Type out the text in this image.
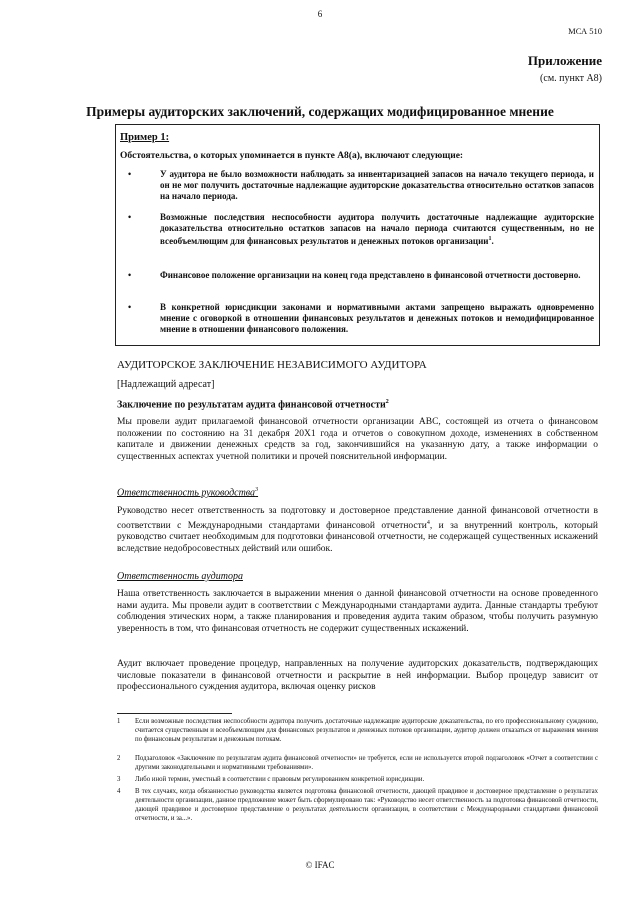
6
МСА 510
Приложение
(см. пункт А8)
Примеры аудиторских заключений, содержащих модифицированное мнение
Пример 1:
Обстоятельства, о которых упоминается в пункте А8(а), включают следующие:
•	У аудитора не было возможности наблюдать за инвентаризацией запасов на начало текущего периода, и он не мог получить достаточные надлежащие аудиторские доказательства относительно остатков запасов на начало периода.
•	Возможные последствия неспособности аудитора получить достаточные надлежащие аудиторские доказательства относительно остатков запасов на начало периода считаются существенным, но не всеобъемлющим для финансовых результатов и денежных потоков организации$^1$.
•	Финансовое положение организации на конец года представлено в финансовой отчетности достоверно.
•	В конкретной юрисдикции законами и нормативными актами запрещено выражать одновременно мнение с оговоркой в отношении финансовых результатов и денежных потоков и немодифицированное мнение в отношении финансового положения.
АУДИТОРСКОЕ ЗАКЛЮЧЕНИЕ НЕЗАВИСИМОГО АУДИТОРА
[Надлежащий адресат]
Заключение по результатам аудита финансовой отчетности$^2$
Мы провели аудит прилагаемой финансовой отчетности организации АВС, состоящей из отчета о финансовом положении по состоянию на 31 декабря 20Х1 года и отчетов о совокупном доходе, изменениях в собственном капитале и движении денежных средств за год, закончившийся на указанную дату, а также информации о существенных аспектах учетной политики и прочей пояснительной информации.
Ответственность руководства$^3$
Руководство несет ответственность за подготовку и достоверное представление данной финансовой отчетности в соответствии с Международными стандартами финансовой отчетности$^4$, и за внутренний контроль, который руководство считает необходимым для подготовки финансовой отчетности, не содержащей существенных искажений вследствие недобросовестных действий или ошибок.
Ответственность аудитора
Наша ответственность заключается в выражении мнения о данной финансовой отчетности на основе проведенного нами аудита. Мы провели аудит в соответствии с Международными стандартами аудита. Данные стандарты требуют соблюдения этических норм, а также планирования и проведения аудита таким образом, чтобы получить разумную уверенность в том, что финансовая отчетность не содержит существенных искажений.
Аудит включает проведение процедур, направленных на получение аудиторских доказательств, подтверждающих числовые показатели в финансовой отчетности и раскрытие в ней информации. Выбор процедур зависит от профессионального суждения аудитора, включая оценку рисков
1 Если возможные последствия неспособности аудитора получить достаточные надлежащие аудиторские доказательства, по его профессиональному суждению, считается существенным и всеобъемлющим для финансовых результатов и денежных потоков организации, аудитор должен отказаться от выражения мнения по финансовым результатам и денежным потокам.
2 Подзаголовок «Заключение по результатам аудита финансовой отчетности» не требуется, если не используется второй подзаголовок «Отчет в соответствии с другими законодательными и нормативными требованиями».
3 Либо иной термин, уместный в соответствии с правовым регулированием конкретной юрисдикции.
4 В тех случаях, когда обязанностью руководства является подготовка финансовой отчетности, дающей правдивое и достоверное представление о результатах деятельности организации, данное предложение может быть сформулировано так: «Руководство несет ответственность за подготовка финансовой отчетности, дающей правдивое и достоверное представление о результатах деятельности организации, в соответствии с Международными стандартами финансовой отчетности, и за...».
© IFAC
